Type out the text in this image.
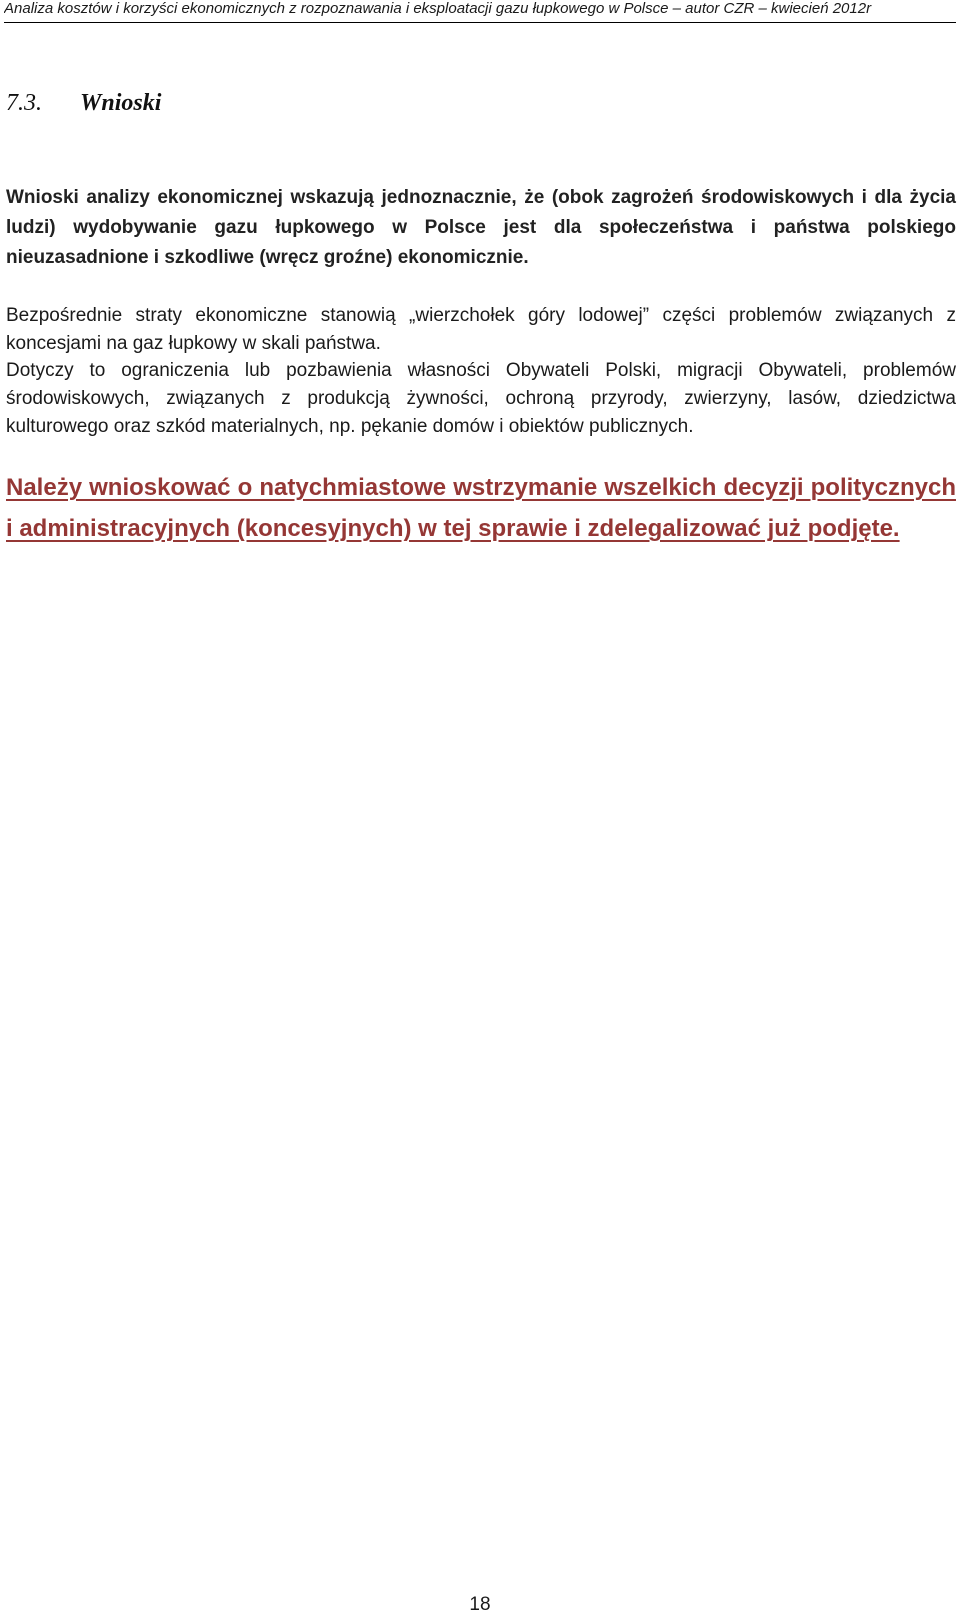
Analiza kosztów i korzyści ekonomicznych z rozpoznawania i eksploatacji gazu łupkowego w Polsce – autor CZR – kwiecień 2012r
7.3. Wnioski

Wnioski analizy ekonomicznej wskazują jednoznacznie, że (obok zagrożeń środowiskowych i dla życia ludzi) wydobywanie gazu łupkowego w Polsce jest dla społeczeństwa i państwa polskiego nieuzasadnione i szkodliwe (wręcz groźne) ekonomicznie.

Bezpośrednie straty ekonomiczne stanowią „wierzchołek góry lodowej” części problemów związanych z koncesjami na gaz łupkowy w skali państwa.

Dotyczy to ograniczenia lub pozbawienia własności Obywateli Polski, migracji Obywateli, problemów środowiskowych, związanych z produkcją żywności, ochroną przyrody, zwierzyny, lasów, dziedzictwa kulturowego oraz szkód materialnych, np. pękanie domów i obiektów publicznych.

Należy wnioskować o natychmiastowe wstrzymanie wszelkich decyzji politycznych i administracyjnych (koncesyjnych) w tej sprawie i zdelegalizować już podjęte.

18
